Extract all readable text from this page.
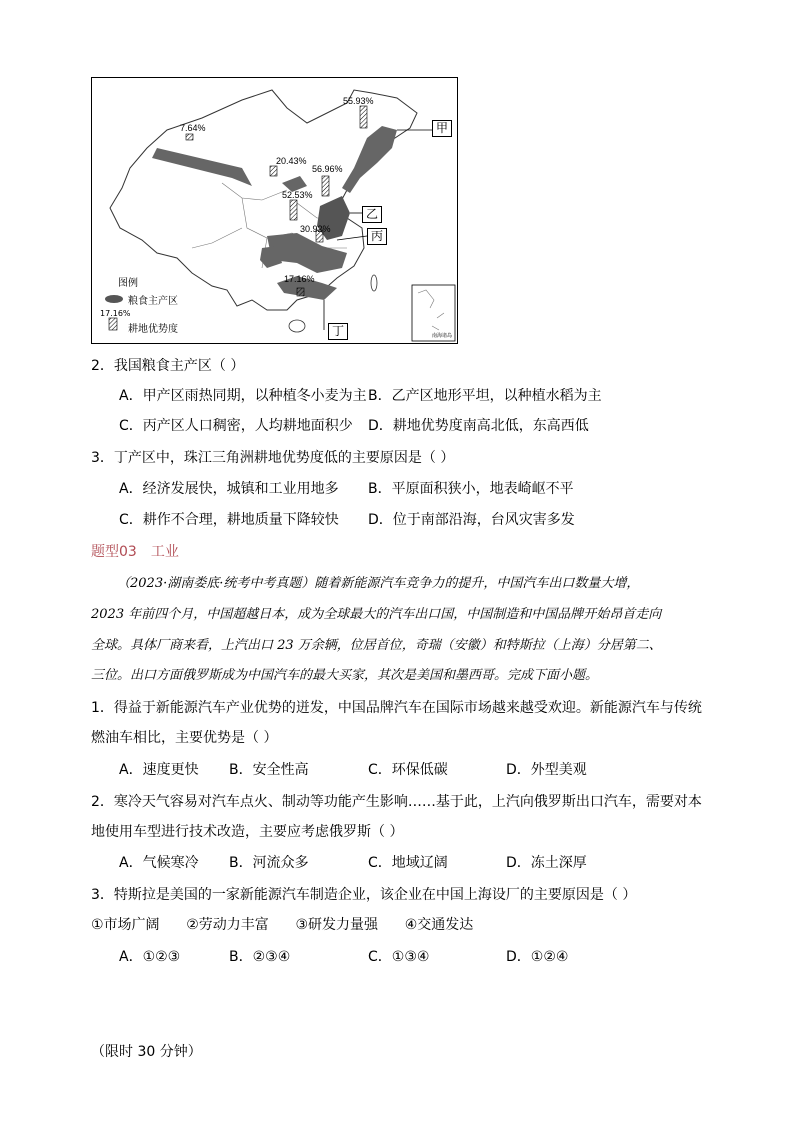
55.93%
7.64%
20.43%
56.96%
52.53%
30.92%
17.16%
甲
乙
丙
丁
图例
粮食主产区
17.16%
耕地优势度
南海诸岛
2．我国粮食主产区（ ）
A．甲产区雨热同期，以种植冬小麦为主 B．乙产区地形平坦，以种植水稻为主
C．丙产区人口稠密，人均耕地面积少 D．耕地优势度南高北低，东高西低
3．丁产区中，珠江三角洲耕地优势度低的主要原因是（ ）
A．经济发展快，城镇和工业用地多 B．平原面积狭小，地表崎岖不平
C．耕作不合理，耕地质量下降较快 D．位于南部沿海，台风灾害多发
题型03 工业
（2023·湖南娄底·统考中考真题）随着新能源汽车竞争力的提升，中国汽车出口数量大增，
2023 年前四个月，中国超越日本，成为全球最大的汽车出口国，中国制造和中国品牌开始昂首走向
全球。具体厂商来看，上汽出口 23 万余辆，位居首位，奇瑞（安徽）和特斯拉（上海）分居第二、
三位。出口方面俄罗斯成为中国汽车的最大买家，其次是美国和墨西哥。完成下面小题。
1．得益于新能源汽车产业优势的迸发，中国品牌汽车在国际市场越来越受欢迎。新能源汽车与传统
燃油车相比，主要优势是（ ）
A．速度更快 B．安全性高	C．环保低碳	D．外型美观
2．寒冷天气容易对汽车点火、制动等功能产生影响……基于此，上汽向俄罗斯出口汽车，需要对本
地使用车型进行技术改造，主要应考虑俄罗斯（ ）
A．气候寒冷 B．河流众多	C．地域辽阔	D．冻土深厚
3．特斯拉是美国的一家新能源汽车制造企业，该企业在中国上海设厂的主要原因是（ ）
①市场广阔      ②劳动力丰富      ③研发力量强      ④交通发达
A．①②③	B．②③④	C．①③④	D．①②④
（限时 30 分钟）
